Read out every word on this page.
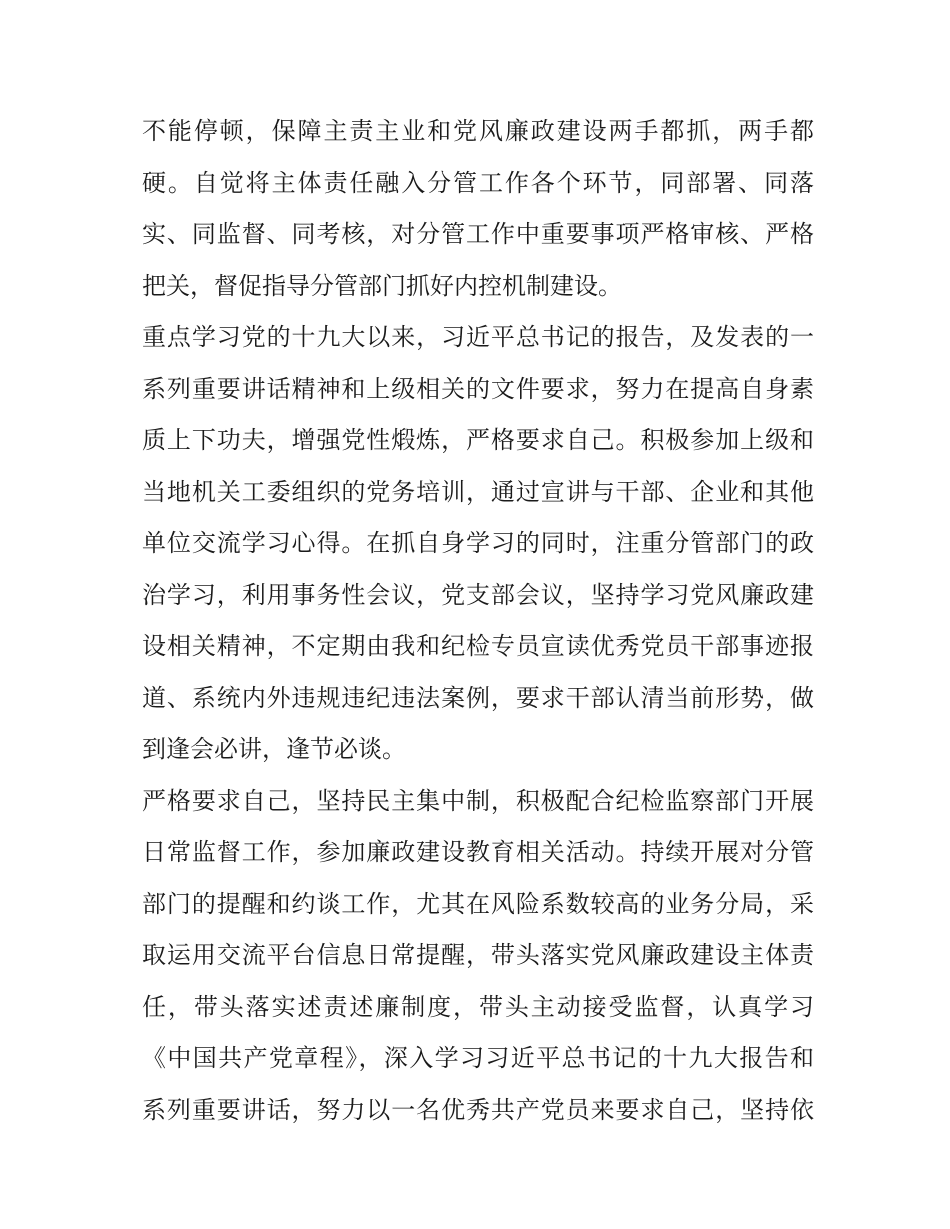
不能停顿，保障主责主业和党风廉政建设两手都抓，两手都
硬。自觉将主体责任融入分管工作各个环节，同部署、同落
实、同监督、同考核，对分管工作中重要事项严格审核、严格
把关，督促指导分管部门抓好内控机制建设。
重点学习党的十九大以来，习近平总书记的报告，及发表的一
系列重要讲话精神和上级相关的文件要求，努力在提高自身素
质上下功夫，增强党性煅炼，严格要求自己。积极参加上级和
当地机关工委组织的党务培训，通过宣讲与干部、企业和其他
单位交流学习心得。在抓自身学习的同时，注重分管部门的政
治学习，利用事务性会议，党支部会议，坚持学习党风廉政建
设相关精神，不定期由我和纪检专员宣读优秀党员干部事迹报
道、系统内外违规违纪违法案例，要求干部认清当前形势，做
到逢会必讲，逢节必谈。
严格要求自己，坚持民主集中制，积极配合纪检监察部门开展
日常监督工作，参加廉政建设教育相关活动。持续开展对分管
部门的提醒和约谈工作，尤其在风险系数较高的业务分局，采
取运用交流平台信息日常提醒，带头落实党风廉政建设主体责
任，带头落实述责述廉制度，带头主动接受监督，认真学习
《中国共产党章程》，深入学习习近平总书记的十九大报告和
系列重要讲话，努力以一名优秀共产党员来要求自己，坚持依
